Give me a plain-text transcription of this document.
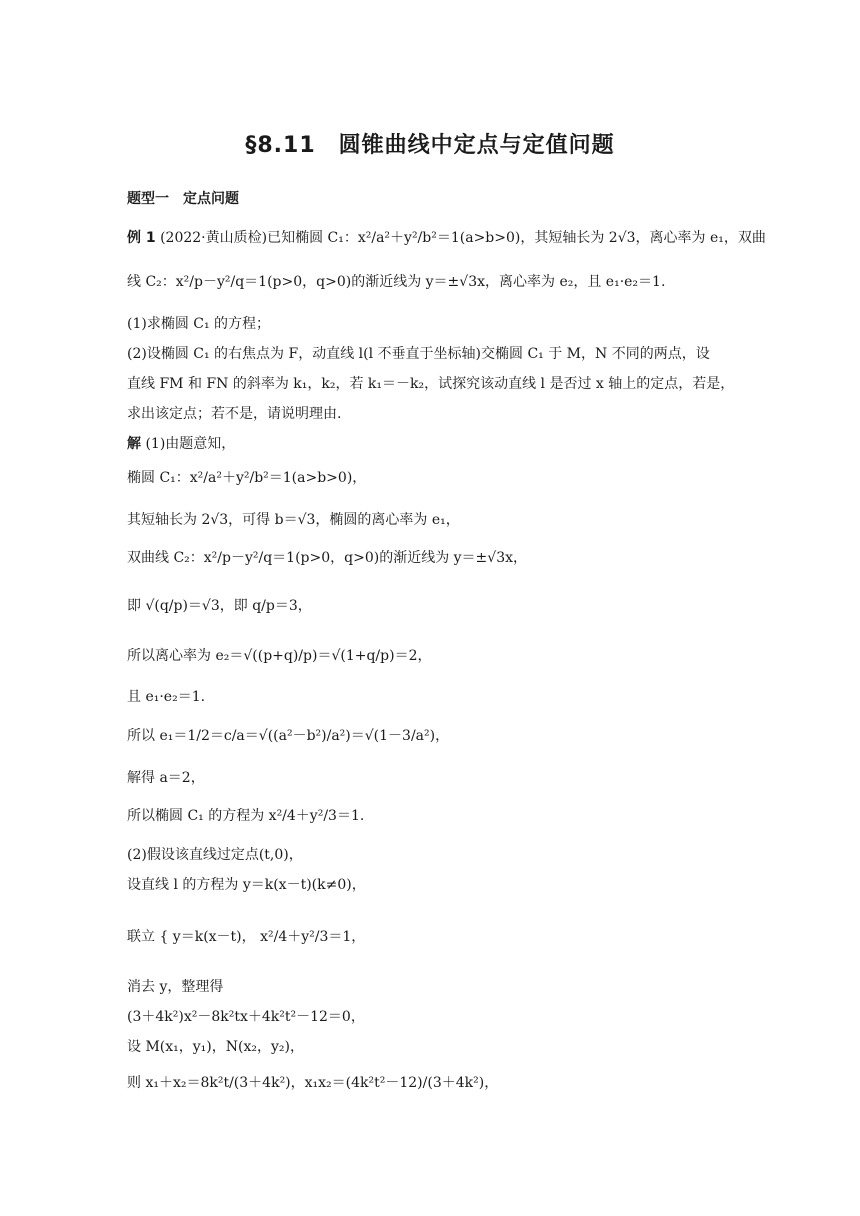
§8.11　圆锥曲线中定点与定值问题
题型一　定点问题
例 1 (2022·黄山质检)已知椭圆 C₁：x²/a²＋y²/b²＝1(a>b>0)，其短轴长为 2√3，离心率为 e₁，双曲
线 C₂：x²/p－y²/q＝1(p>0，q>0)的渐近线为 y＝±√3x，离心率为 e₂，且 e₁·e₂＝1.
(1)求椭圆 C₁ 的方程；
(2)设椭圆 C₁ 的右焦点为 F，动直线 l(l 不垂直于坐标轴)交椭圆 C₁ 于 M，N 不同的两点，设
直线 FM 和 FN 的斜率为 k₁，k₂，若 k₁＝－k₂，试探究该动直线 l 是否过 x 轴上的定点，若是，
求出该定点；若不是，请说明理由.
解 (1)由题意知，
椭圆 C₁：x²/a²＋y²/b²＝1(a>b>0)，
其短轴长为 2√3，可得 b＝√3，椭圆的离心率为 e₁，
双曲线 C₂：x²/p－y²/q＝1(p>0，q>0)的渐近线为 y＝±√3x，
即 √(q/p)＝√3，即 q/p＝3，
所以离心率为 e₂＝√((p+q)/p)＝√(1+q/p)＝2，
且 e₁·e₂＝1.
所以 e₁＝1/2＝c/a＝√((a²－b²)/a²)＝√(1－3/a²)，
解得 a＝2，
所以椭圆 C₁ 的方程为 x²/4＋y²/3＝1.
(2)假设该直线过定点(t,0)，
设直线 l 的方程为 y＝k(x－t)(k≠0)，
联立 { y＝k(x－t)， x²/4＋y²/3＝1，
消去 y，整理得
(3＋4k²)x²－8k²tx＋4k²t²－12＝0，
设 M(x₁，y₁)，N(x₂，y₂)，
则 x₁＋x₂＝8k²t/(3＋4k²)，x₁x₂＝(4k²t²－12)/(3＋4k²)，
